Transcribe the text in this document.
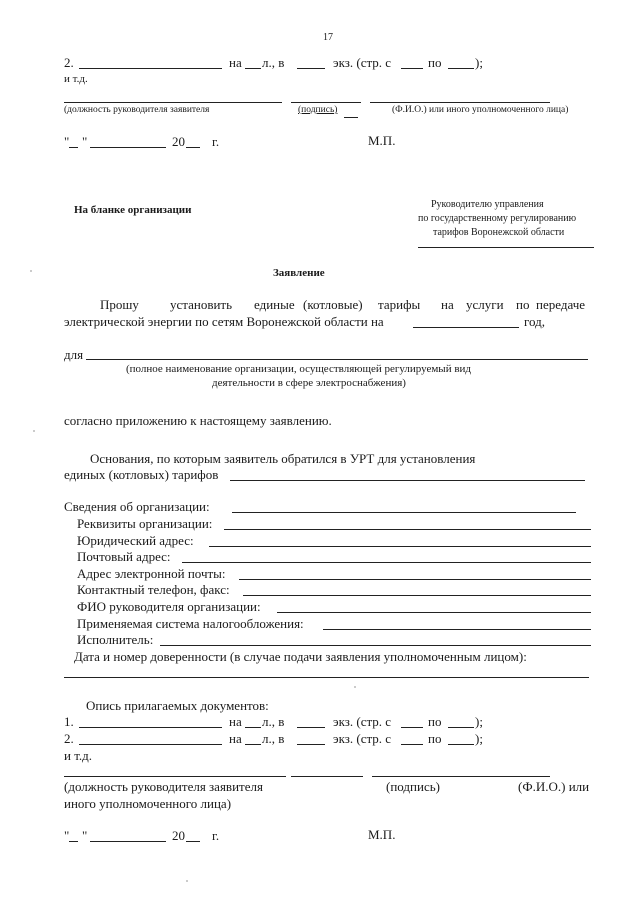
17
2.	на л., в	экз. (стр. с	по	);
и т.д.
(должность руководителя заявителя	(подпись)	(Ф.И.О.) или иного уполномоченного лица)
" "	20 г.	М.П.
На бланке организации	Руководителю управления
по государственному регулированию
тарифов Воронежской области
Заявление
Прошу установить единые (котловые) тарифы на услуги по передаче
электрической энергии по сетям Воронежской области на	год,
для
(полное наименование организации, осуществляющей регулируемый вид
деятельности в сфере электроснабжения)
согласно приложению к настоящему заявлению.
Основания, по которым заявитель обратился в УРТ для установления
единых (котловых) тарифов
Сведения об организации:
Реквизиты организации:
Юридический адрес:
Почтовый адрес:
Адрес электронной почты:
Контактный телефон, факс:
ФИО руководителя организации:
Применяемая система налогообложения:
Исполнитель:
Дата и номер доверенности (в случае подачи заявления уполномоченным лицом):
Опись прилагаемых документов:
1.	на л., в	экз. (стр. с	по	);
2.	на л., в	экз. (стр. с	по	);
и т.д.
(должность руководителя заявителя	(подпись)	(Ф.И.О.) или
иного уполномоченного лица)
" "	20 г.	М.П.
